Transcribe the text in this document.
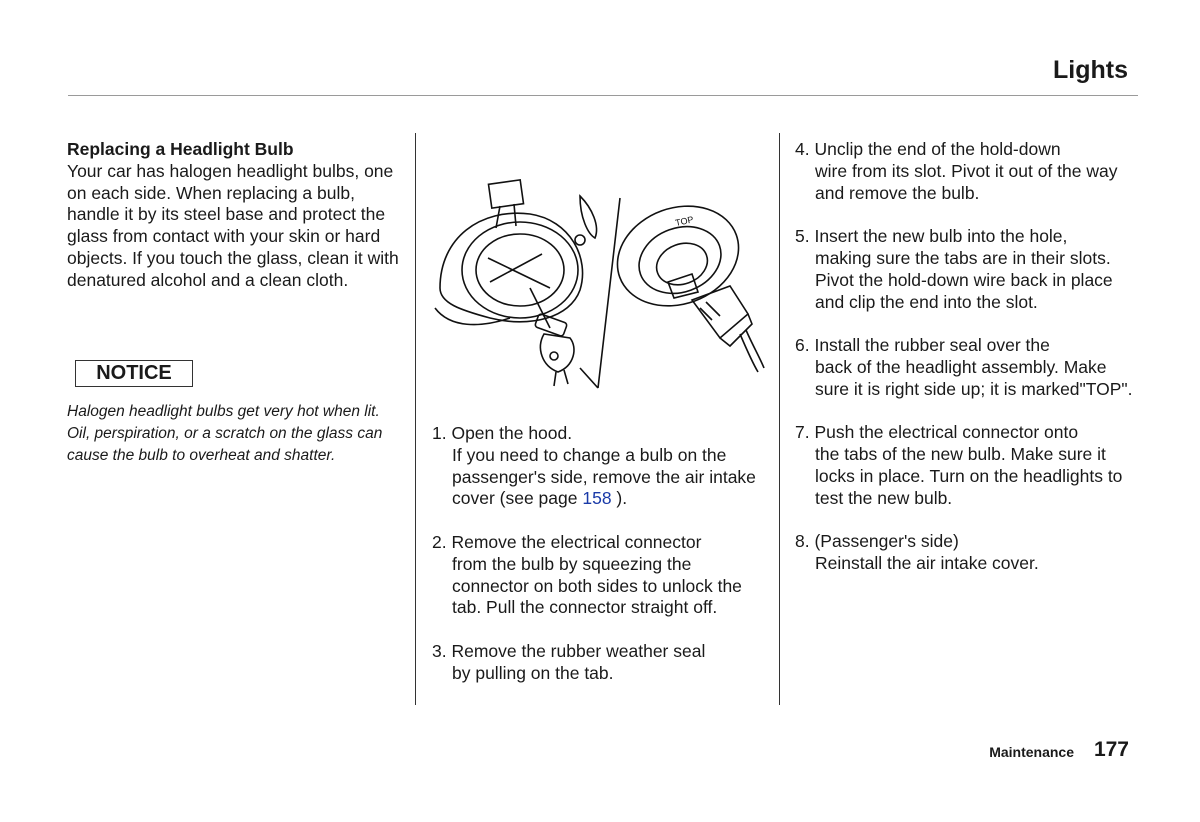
Lights

Replacing a Headlight Bulb

Your car has halogen headlight bulbs, one on each side. When replacing a bulb, handle it by its steel base and protect the glass from contact with your skin or hard objects. If you touch the glass, clean it with denatured alcohol and a clean cloth.

NOTICE

Halogen headlight bulbs get very hot when lit. Oil, perspiration, or a scratch on the glass can cause the bulb to overheat and shatter.

TOP
1. Open the hood.
If you need to change a bulb on the passenger's side, remove the air intake cover (see page 158 ).
2. Remove the electrical connector
from the bulb by squeezing the connector on both sides to unlock the tab. Pull the connector straight off.
3. Remove the rubber weather seal
by pulling on the tab.
4. Unclip the end of the hold-down
wire from its slot. Pivot it out of the way and remove the bulb.
5. Insert the new bulb into the hole,
making sure the tabs are in their slots. Pivot the hold-down wire back in place and clip the end into the slot.
6. Install the rubber seal over the
back of the headlight assembly. Make sure it is right side up; it is marked"TOP".
7. Push the electrical connector onto
the tabs of the new bulb. Make sure it locks in place. Turn on the headlights to test the new bulb.
8. (Passenger's side)
Reinstall the air intake cover.
Maintenance 177
